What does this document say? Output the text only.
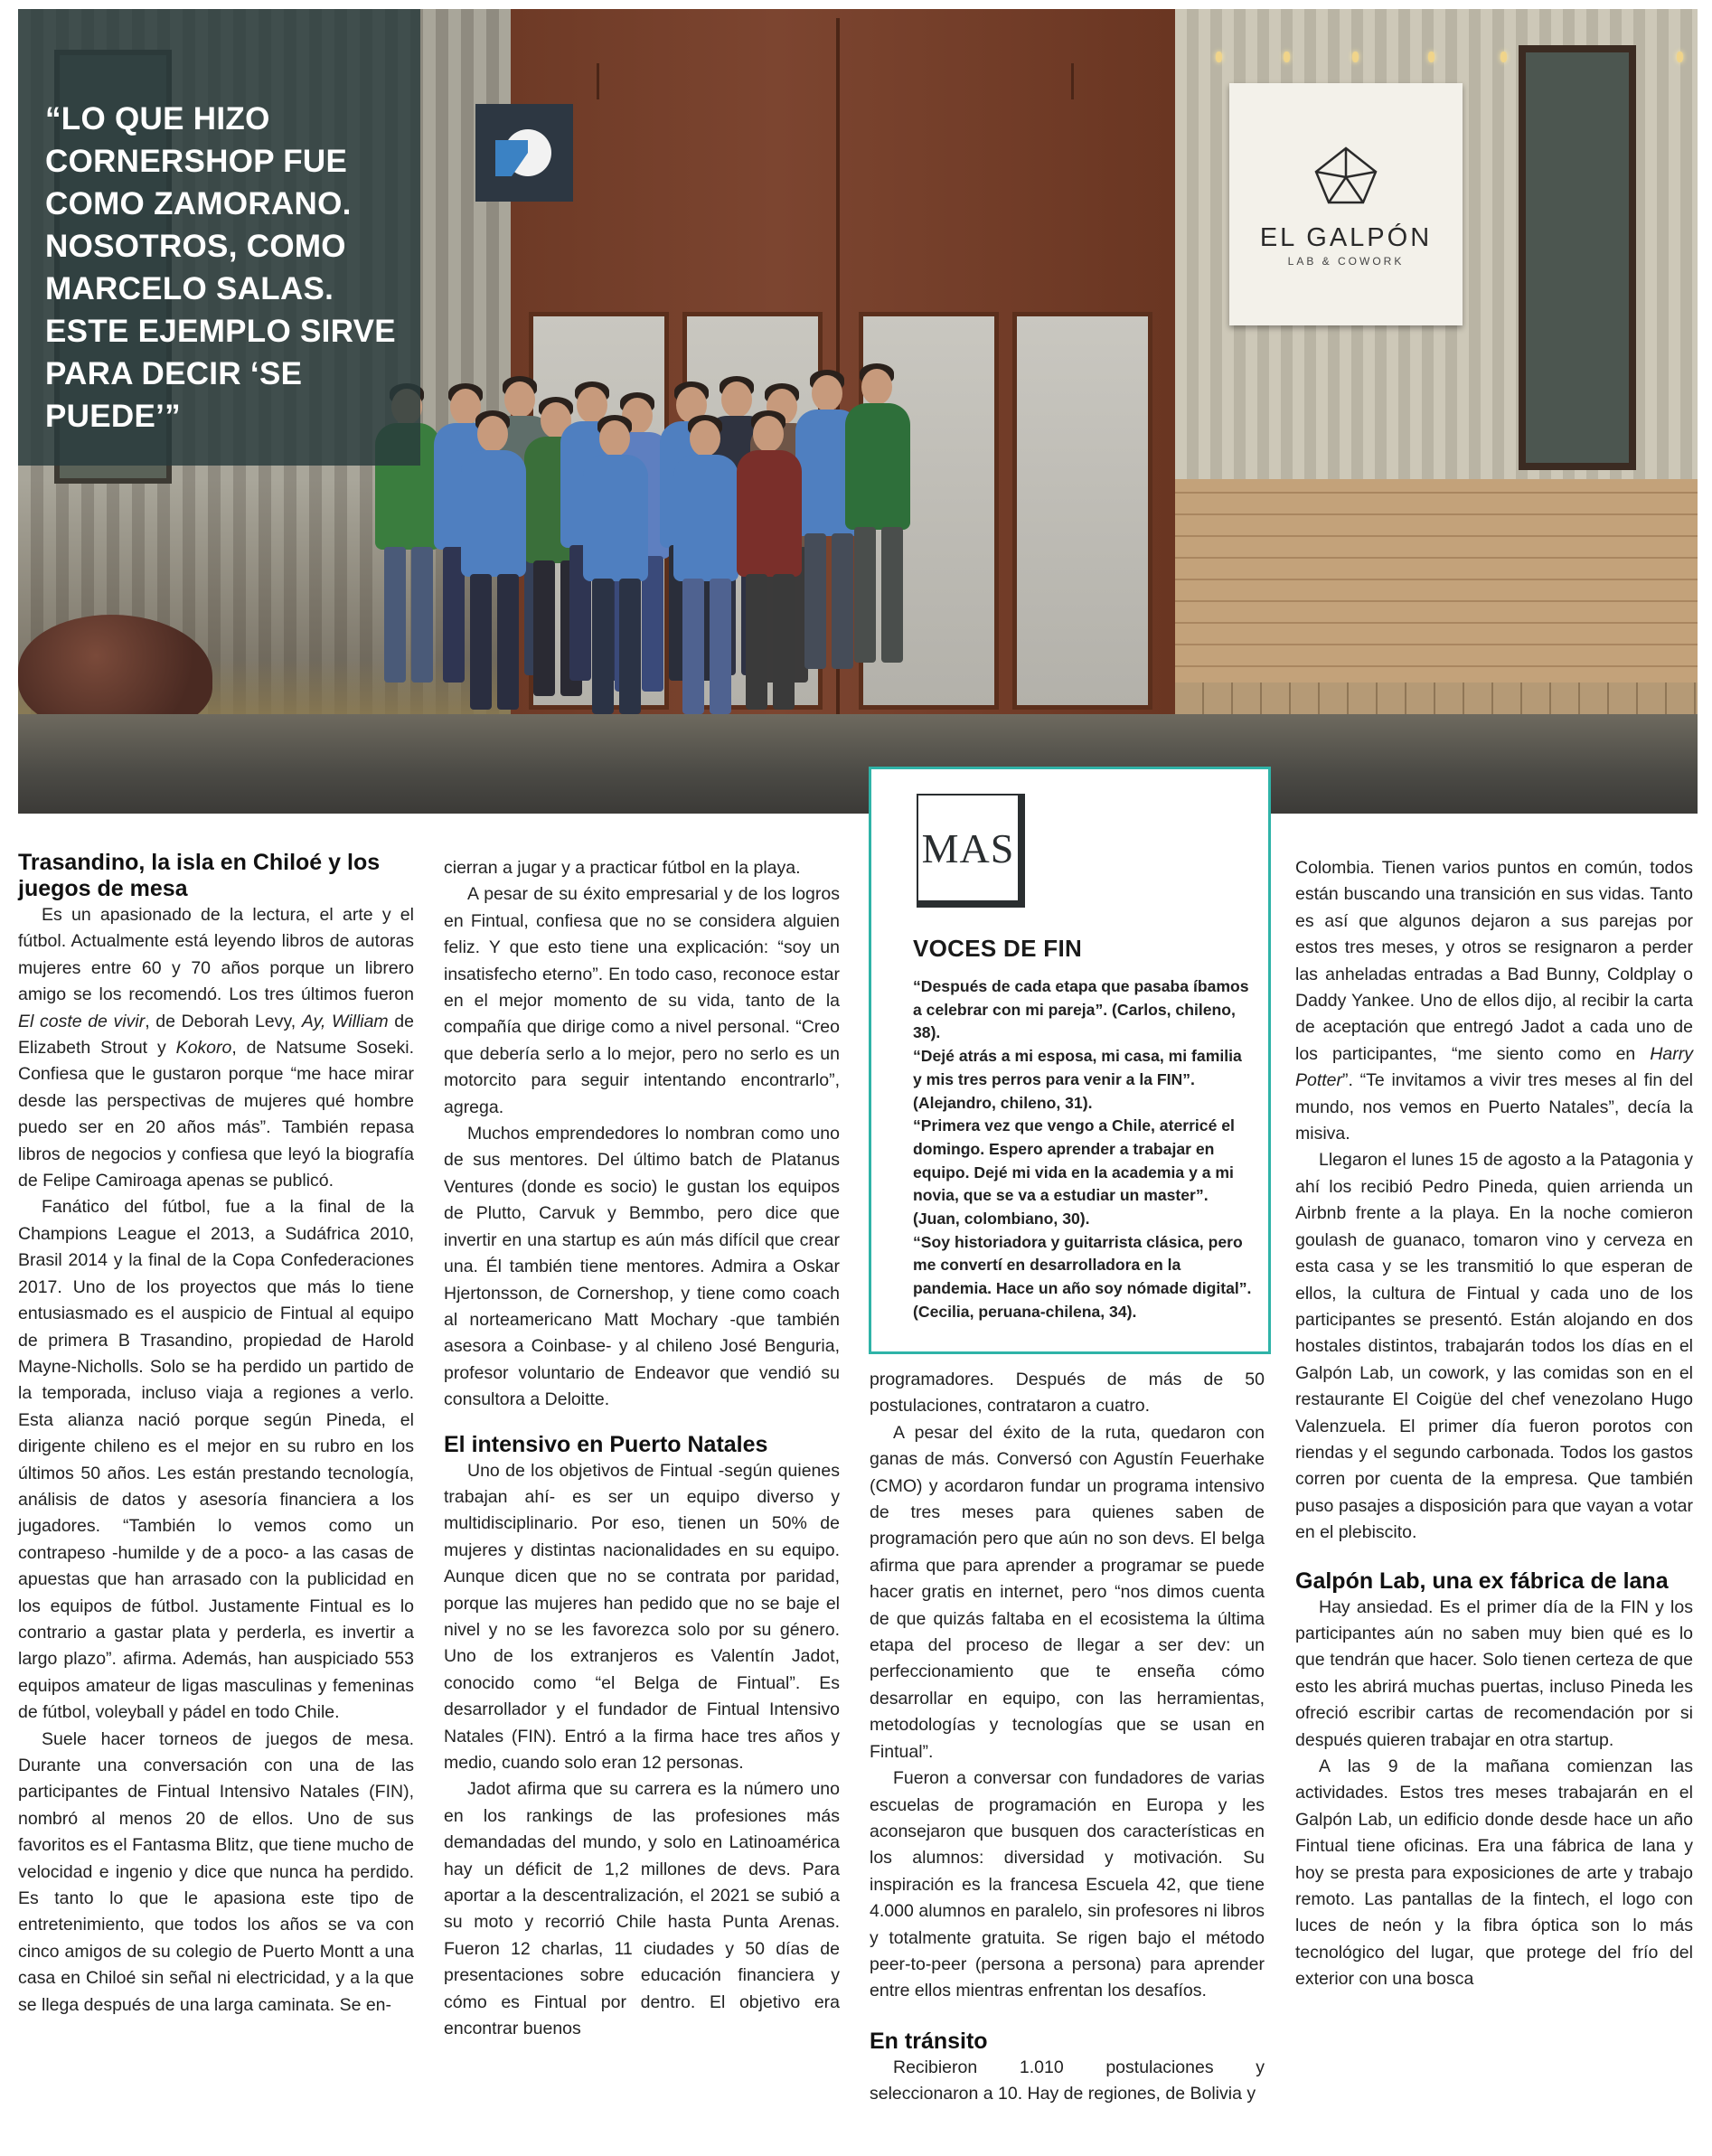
EL GALPÓN
LAB & COWORK
“LO QUE HIZO CORNERSHOP FUE COMO ZAMORANO. NOSOTROS, COMO MARCELO SALAS. ESTE EJEMPLO SIRVE PARA DECIR ‘SE PUEDE’”
MAS
VOCES DE FIN

“Después de cada etapa que pasaba íbamos a celebrar con mi pareja”. (Carlos, chileno, 38).

“Dejé atrás a mi esposa, mi casa, mi familia y mis tres perros para venir a la FIN”. (Alejandro, chileno, 31).

“Primera vez que vengo a Chile, aterricé el domingo. Espero aprender a trabajar en equipo. Dejé mi vida en la academia y a mi novia, que se va a estudiar un master”. (Juan, colombiano, 30).

“Soy historiadora y guitarrista clásica, pero me convertí en desarrolladora en la pandemia. Hace un año soy nómade digital”. (Cecilia, peruana-chilena, 34).

Trasandino, la isla en Chiloé y los juegos de mesa

Es un apasionado de la lectura, el arte y el fútbol. Actualmente está leyendo libros de autoras mujeres entre 60 y 70 años porque un librero amigo se los recomendó. Los tres últimos fueron El coste de vivir, de Deborah Levy, Ay, William de Elizabeth Strout y Kokoro, de Natsume Soseki. Confiesa que le gustaron porque “me hace mirar desde las perspectivas de mujeres qué hombre puedo ser en 20 años más”. También repasa libros de negocios y confiesa que leyó la biografía de Felipe Camiroaga apenas se publicó.

Fanático del fútbol, fue a la final de la Champions League el 2013, a Sudáfrica 2010, Brasil 2014 y la final de la Copa Confederaciones 2017. Uno de los proyectos que más lo tiene entusiasmado es el auspicio de Fintual al equipo de primera B Trasandino, propiedad de Harold Mayne-Nicholls. Solo se ha perdido un partido de la temporada, incluso viaja a regiones a verlo. Esta alianza nació porque según Pineda, el dirigente chileno es el mejor en su rubro en los últimos 50 años. Les están prestando tecnología, análisis de datos y asesoría financiera a los jugadores. “También lo vemos como un contrapeso -humilde y de a poco- a las casas de apuestas que han arrasado con la publicidad en los equipos de fútbol. Justamente Fintual es lo contrario a gastar plata y perderla, es invertir a largo plazo”. afirma. Además, han auspiciado 553 equipos amateur de ligas masculinas y femeninas de fútbol, voleyball y pádel en todo Chile.

Suele hacer torneos de juegos de mesa. Durante una conversación con una de las participantes de Fintual Intensivo Natales (FIN), nombró al menos 20 de ellos. Uno de sus favoritos es el Fantasma Blitz, que tiene mucho de velocidad e ingenio y dice que nunca ha perdido. Es tanto lo que le apasiona este tipo de entretenimiento, que todos los años se va con cinco amigos de su colegio de Puerto Montt a una casa en Chiloé sin señal ni electricidad, y a la que se llega después de una larga caminata. Se en-

cierran a jugar y a practicar fútbol en la playa.

A pesar de su éxito empresarial y de los logros en Fintual, confiesa que no se considera alguien feliz. Y que esto tiene una explicación: “soy un insatisfecho eterno”. En todo caso, reconoce estar en el mejor momento de su vida, tanto de la compañía que dirige como a nivel personal. “Creo que debería serlo a lo mejor, pero no serlo es un motorcito para seguir intentando encontrarlo”, agrega.

Muchos emprendedores lo nombran como uno de sus mentores. Del último batch de Platanus Ventures (donde es socio) le gustan los equipos de Plutto, Carvuk y Bemmbo, pero dice que invertir en una startup es aún más difícil que crear una. Él también tiene mentores. Admira a Oskar Hjertonsson, de Cornershop, y tiene como coach al norteamericano Matt Mochary -que también asesora a Coinbase- y al chileno José Benguria, profesor voluntario de Endeavor que vendió su consultora a Deloitte.

El intensivo en Puerto Natales

Uno de los objetivos de Fintual -según quienes trabajan ahí- es ser un equipo diverso y multidisciplinario. Por eso, tienen un 50% de mujeres y distintas nacionalidades en su equipo. Aunque dicen que no se contrata por paridad, porque las mujeres han pedido que no se baje el nivel y no se les favorezca solo por su género. Uno de los extranjeros es Valentín Jadot, conocido como “el Belga de Fintual”. Es desarrollador y el fundador de Fintual Intensivo Natales (FIN). Entró a la firma hace tres años y medio, cuando solo eran 12 personas.

Jadot afirma que su carrera es la número uno en los rankings de las profesiones más demandadas del mundo, y solo en Latinoamérica hay un déficit de 1,2 millones de devs. Para aportar a la descentralización, el 2021 se subió a su moto y recorrió Chile hasta Punta Arenas. Fueron 12 charlas, 11 ciudades y 50 días de presentaciones sobre educación financiera y cómo es Fintual por dentro. El objetivo era encontrar buenos

programadores. Después de más de 50 postulaciones, contrataron a cuatro.

A pesar del éxito de la ruta, quedaron con ganas de más. Conversó con Agustín Feuerhake (CMO) y acordaron fundar un programa intensivo de tres meses para quienes saben de programación pero que aún no son devs. El belga afirma que para aprender a programar se puede hacer gratis en internet, pero “nos dimos cuenta de que quizás faltaba en el ecosistema la última etapa del proceso de llegar a ser dev: un perfeccionamiento que te enseña cómo desarrollar en equipo, con las herramientas, metodologías y tecnologías que se usan en Fintual”.

Fueron a conversar con fundadores de varias escuelas de programación en Europa y les aconsejaron que busquen dos características en los alumnos: diversidad y motivación. Su inspiración es la francesa Escuela 42, que tiene 4.000 alumnos en paralelo, sin profesores ni libros y totalmente gratuita. Se rigen bajo el método peer-to-peer (persona a persona) para aprender entre ellos mientras enfrentan los desafíos.

En tránsito

Recibieron 1.010 postulaciones y seleccionaron a 10. Hay de regiones, de Bolivia y

Colombia. Tienen varios puntos en común, todos están buscando una transición en sus vidas. Tanto es así que algunos dejaron a sus parejas por estos tres meses, y otros se resignaron a perder las anheladas entradas a Bad Bunny, Coldplay o Daddy Yankee. Uno de ellos dijo, al recibir la carta de aceptación que entregó Jadot a cada uno de los participantes, “me siento como en Harry Potter”. “Te invitamos a vivir tres meses al fin del mundo, nos vemos en Puerto Natales”, decía la misiva.

Llegaron el lunes 15 de agosto a la Patagonia y ahí los recibió Pedro Pineda, quien arrienda un Airbnb frente a la playa. En la noche comieron goulash de guanaco, tomaron vino y cerveza en esta casa y se les transmitió lo que esperan de ellos, la cultura de Fintual y cada uno de los participantes se presentó. Están alojando en dos hostales distintos, trabajarán todos los días en el Galpón Lab, un cowork, y las comidas son en el restaurante El Coigüe del chef venezolano Hugo Valenzuela. El primer día fueron porotos con riendas y el segundo carbonada. Todos los gastos corren por cuenta de la empresa. Que también puso pasajes a disposición para que vayan a votar en el plebiscito.

Galpón Lab, una ex fábrica de lana

Hay ansiedad. Es el primer día de la FIN y los participantes aún no saben muy bien qué es lo que tendrán que hacer. Solo tienen certeza de que esto les abrirá muchas puertas, incluso Pineda les ofreció escribir cartas de recomendación por si después quieren trabajar en otra startup.

A las 9 de la mañana comienzan las actividades. Estos tres meses trabajarán en el Galpón Lab, un edificio donde desde hace un año Fintual tiene oficinas. Era una fábrica de lana y hoy se presta para exposiciones de arte y trabajo remoto. Las pantallas de la fintech, el logo con luces de neón y la fibra óptica son lo más tecnológico del lugar, que protege del frío del exterior con una bosca
